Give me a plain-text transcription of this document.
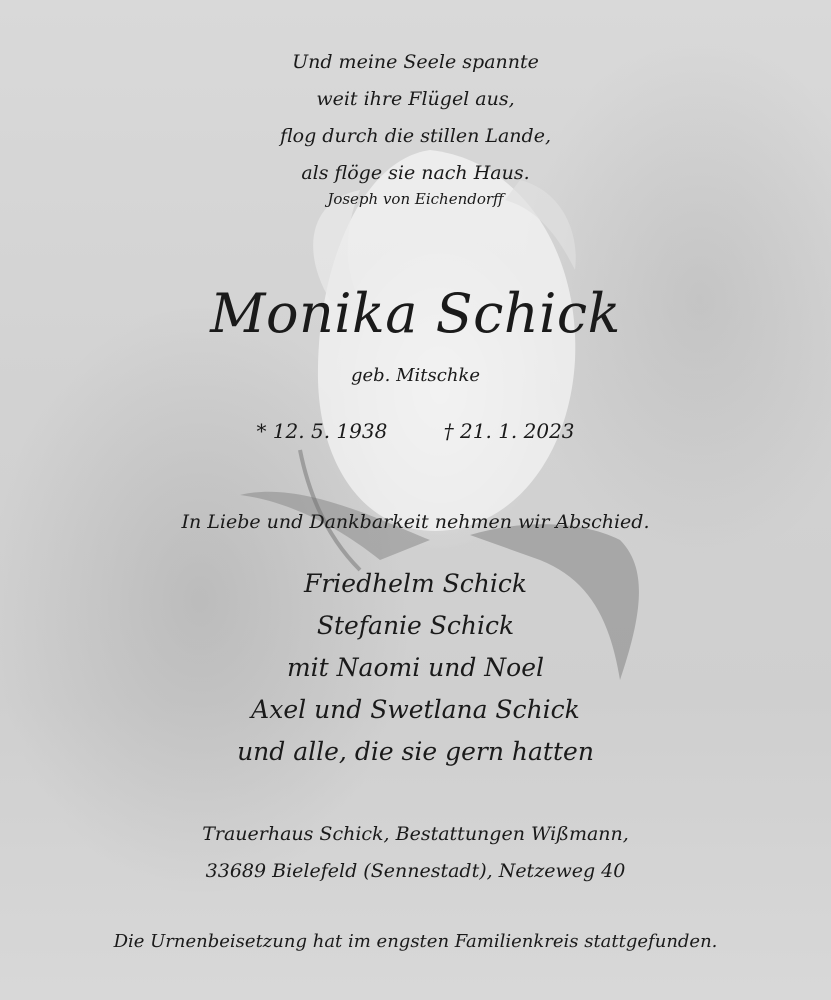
Und meine Seele spannte
weit ihre Flügel aus,
flog durch die stillen Lande,
als flöge sie nach Haus.
Joseph von Eichendorff
Monika Schick
geb. Mitschke
* 12. 5. 1938	† 21. 1. 2023
In Liebe und Dankbarkeit nehmen wir Abschied.
Friedhelm Schick
Stefanie Schick
mit Naomi und Noel
Axel und Swetlana Schick
und alle, die sie gern hatten
Trauerhaus Schick, Bestattungen Wißmann,
33689 Bielefeld (Sennestadt), Netzeweg 40
Die Urnenbeisetzung hat im engsten Familienkreis stattgefunden.
